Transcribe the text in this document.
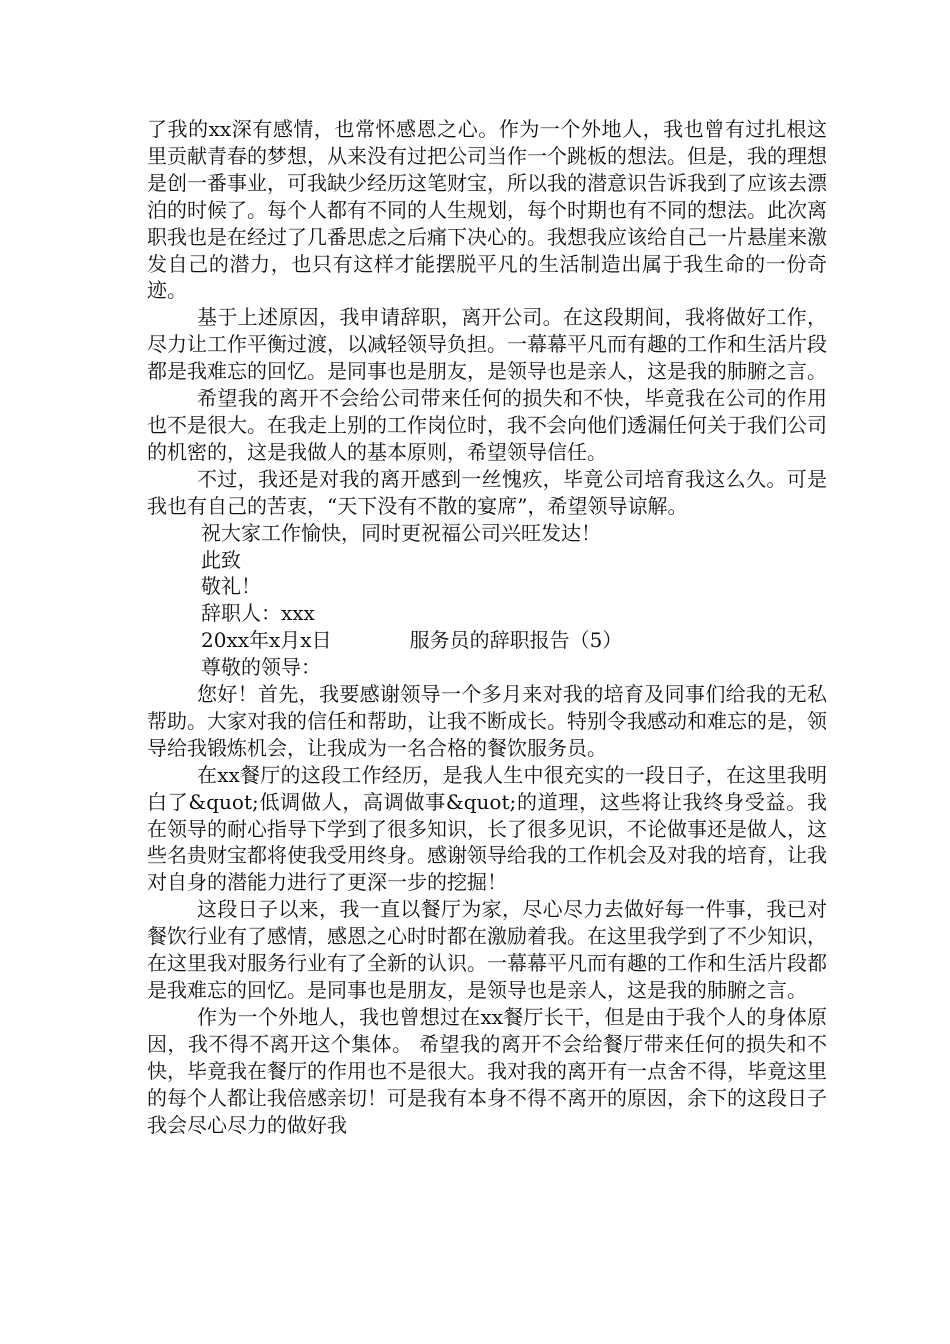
了我的xx深有感情，也常怀感恩之心。作为一个外地人，我也曾有过扎根这里贡献青春的梦想，从来没有过把公司当作一个跳板的想法。但是，我的理想是创一番事业，可我缺少经历这笔财宝，所以我的潜意识告诉我到了应该去漂泊的时候了。每个人都有不同的人生规划，每个时期也有不同的想法。此次离职我也是在经过了几番思虑之后痛下决心的。我想我应该给自己一片悬崖来激发自己的潜力，也只有这样才能摆脱平凡的生活制造出属于我生命的一份奇迹。

基于上述原因，我申请辞职，离开公司。在这段期间，我将做好工作，尽力让工作平衡过渡，以减轻领导负担。一幕幕平凡而有趣的工作和生活片段都是我难忘的回忆。是同事也是朋友，是领导也是亲人，这是我的肺腑之言。

希望我的离开不会给公司带来任何的损失和不快，毕竟我在公司的作用也不是很大。在我走上别的工作岗位时，我不会向他们透漏任何关于我们公司的机密的，这是我做人的基本原则，希望领导信任。

不过，我还是对我的离开感到一丝愧疚，毕竟公司培育我这么久。可是我也有自己的苦衷，“天下没有不散的宴席”，希望领导谅解。

祝大家工作愉快，同时更祝福公司兴旺发达！

此致

敬礼！

辞职人：xxx

20xx年x月x日	服务员的辞职报告（5）

尊敬的领导：

您好！首先，我要感谢领导一个多月来对我的培育及同事们给我的无私帮助。大家对我的信任和帮助，让我不断成长。特别令我感动和难忘的是，领导给我锻炼机会，让我成为一名合格的餐饮服务员。

在xx餐厅的这段工作经历，是我人生中很充实的一段日子，在这里我明白了&quot;低调做人，高调做事&quot;的道理，这些将让我终身受益。我在领导的耐心指导下学到了很多知识，长了很多见识，不论做事还是做人，这些名贵财宝都将使我受用终身。感谢领导给我的工作机会及对我的培育，让我对自身的潜能力进行了更深一步的挖掘！

这段日子以来，我一直以餐厅为家，尽心尽力去做好每一件事，我已对餐饮行业有了感情，感恩之心时时都在激励着我。在这里我学到了不少知识，在这里我对服务行业有了全新的认识。一幕幕平凡而有趣的工作和生活片段都是我难忘的回忆。是同事也是朋友，是领导也是亲人，这是我的肺腑之言。

作为一个外地人，我也曾想过在xx餐厅长干，但是由于我个人的身体原因，我不得不离开这个集体。 希望我的离开不会给餐厅带来任何的损失和不快，毕竟我在餐厅的作用也不是很大。我对我的离开有一点舍不得，毕竟这里的每个人都让我倍感亲切！可是我有本身不得不离开的原因，余下的这段日子我会尽心尽力的做好我
